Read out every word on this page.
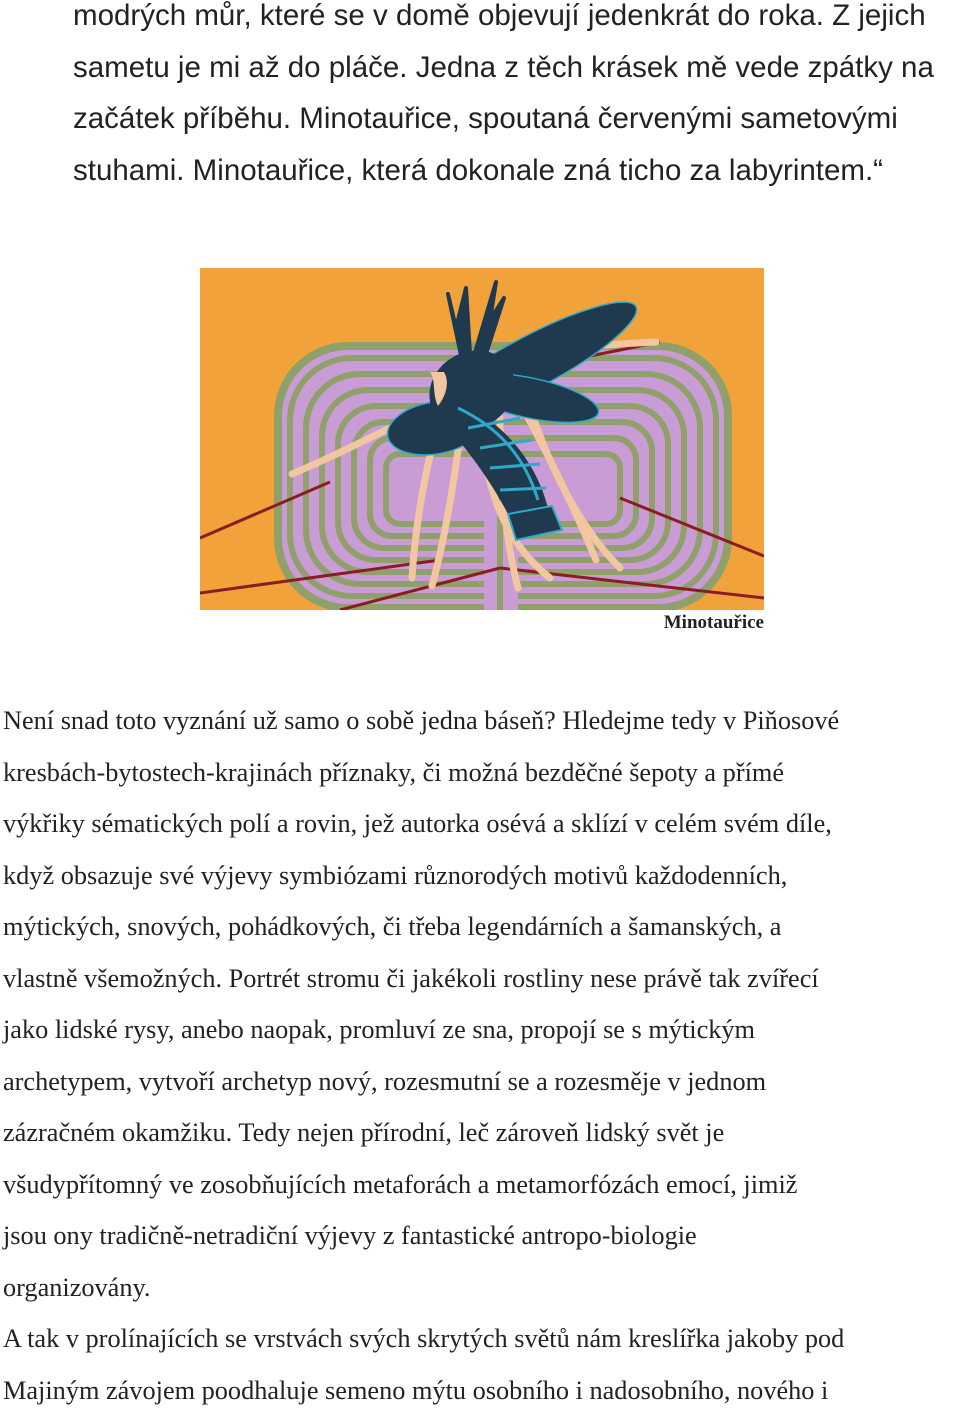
modrých můr, které se v domě objevují jedenkrát do roka. Z jejich
sametu je mi až do pláče. Jedna z těch krásek mě vede zpátky na
začátek příběhu. Minotauřice, spoutaná červenými sametovými
stuhami. Minotauřice, která dokonale zná ticho za labyrintem.“
Minotauřice
Není snad toto vyznání už samo o sobě jedna báseň? Hledejme tedy v Piňosové
kresbách-bytostech-krajinách příznaky, či možná bezděčné šepoty a přímé
výkřiky sématických polí a rovin, jež autorka osévá a sklízí v celém svém díle,
když obsazuje své výjevy symbiózami různorodých motivů každodenních,
mýtických, snových, pohádkových, či třeba legendárních a šamanských, a
vlastně všemožných. Portrét stromu či jakékoli rostliny nese právě tak zvířecí
jako lidské rysy, anebo naopak, promluví ze sna, propojí se s mýtickým
archetypem, vytvoří archetyp nový, rozesmutní se a rozesměje v jednom
zázračném okamžiku. Tedy nejen přírodní, leč zároveň lidský svět je
všudypřítomný ve zosobňujících metaforách a metamorfózách emocí, jimiž
jsou ony tradičně-netradiční výjevy z fantastické antropo-biologie
organizovány.
A tak v prolínajících se vrstvách svých skrytých světů nám kreslířka jakoby pod
Majiným závojem poodhaluje semeno mýtu osobního i nadosobního, nového i
